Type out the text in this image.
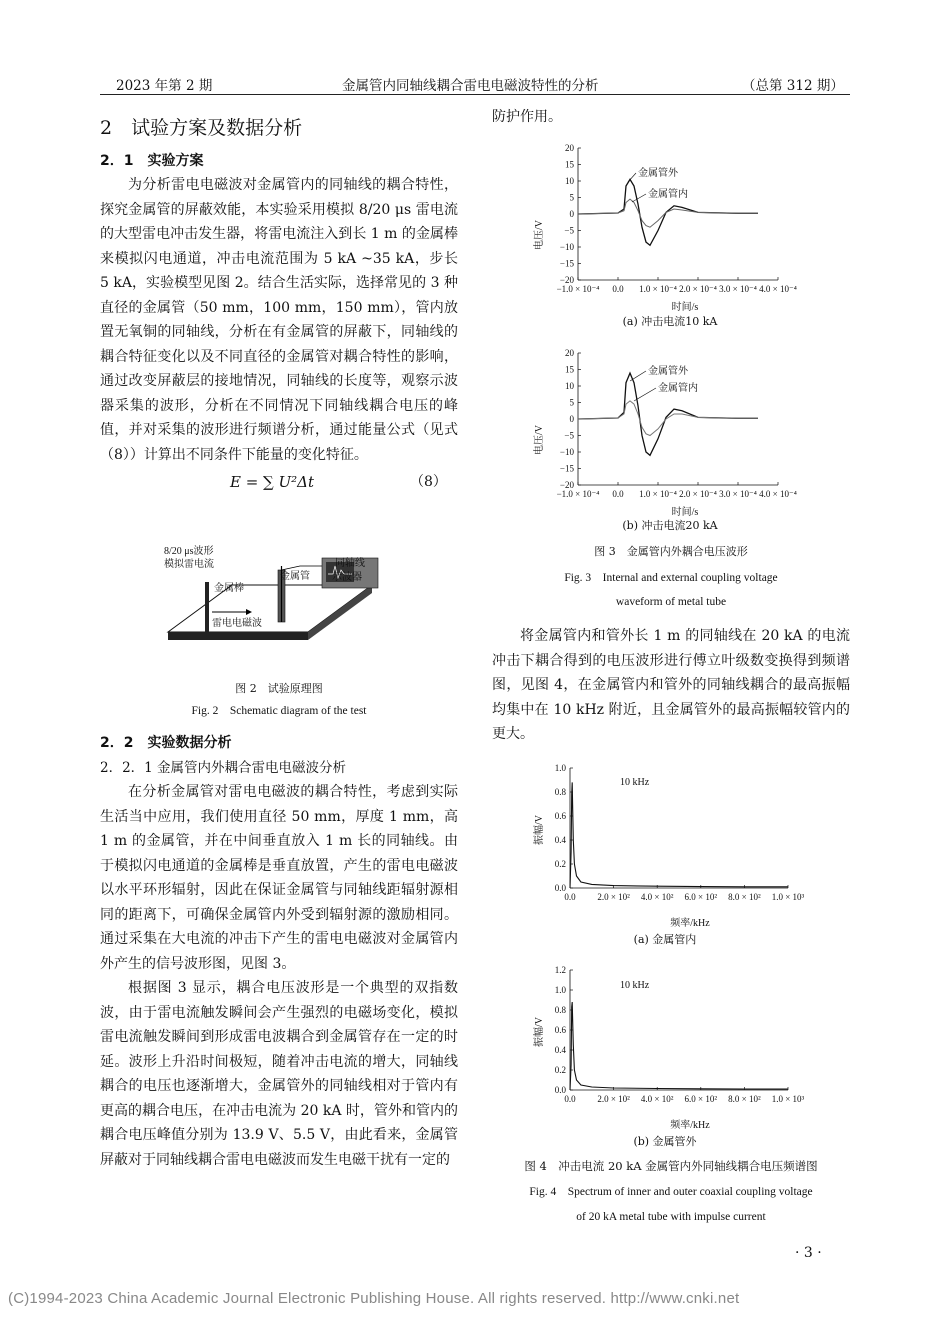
2023 年第 2 期	金属管内同轴线耦合雷电电磁波特性的分析	（总第 312 期）
2　试验方案及数据分析
2．1　实验方案

为分析雷电电磁波对金属管内的同轴线的耦合特性，探究金属管的屏蔽效能，本实验采用模拟 8/20 μs 雷电流的大型雷电冲击发生器，将雷电流注入到长 1 m 的金属棒来模拟闪电通道，冲击电流范围为 5 kA ~35 kA，步长 5 kA，实验模型见图 2。结合生活实际，选择常见的 3 种直径的金属管（50 mm，100 mm，150 mm），管内放置无氧铜的同轴线，分析在有金属管的屏蔽下，同轴线的耦合特征变化以及不同直径的金属管对耦合特性的影响，通过改变屏蔽层的接地情况，同轴线的长度等，观察示波器采集的波形，分析在不同情况下同轴线耦合电压的峰值，并对采集的波形进行频谱分析，通过能量公式（见式（8））计算出不同条件下能量的变化特征。

E = ∑ U²Δt	（8）
8/20 μs波形
模拟雷电流
金属棒
金属管
同轴线
示波器
雷电电磁波
图 2　试验原理图
Fig. 2　Schematic diagram of the test
2．2　实验数据分析
2．2．1 金属管内外耦合雷电电磁波分析

在分析金属管对雷电电磁波的耦合特性，考虑到实际生活当中应用，我们使用直径 50 mm，厚度 1 mm，高 1 m 的金属管，并在中间垂直放入 1 m 长的同轴线。由于模拟闪电通道的金属棒是垂直放置，产生的雷电电磁波以水平环形辐射，因此在保证金属管与同轴线距辐射源相同的距离下，可确保金属管内外受到辐射源的激励相同。通过采集在大电流的冲击下产生的雷电电磁波对金属管内外产生的信号波形图，见图 3。

根据图 3 显示，耦合电压波形是一个典型的双指数波，由于雷电流触发瞬间会产生强烈的电磁场变化，模拟雷电流触发瞬间到形成雷电波耦合到金属管存在一定的时延。波形上升沿时间极短，随着冲击电流的增大，同轴线耦合的电压也逐渐增大，金属管外的同轴线相对于管内有更高的耦合电压，在冲击电流为 20 kA 时，管外和管内的耦合电压峰值分别为 13.9 V、5.5 V，由此看来，金属管屏蔽对于同轴线耦合雷电电磁波而发生电磁干扰有一定的

防护作用。
电压/V
时间/s
金属管外
金属管内
20
15
10
5
0
−5
−10
−15
−20
−1.0 × 10⁻⁴ 0.0 1.0 × 10⁻⁴ 2.0 × 10⁻⁴ 3.0 × 10⁻⁴ 4.0 × 10⁻⁴
(a) 冲击电流10 kA
电压/V
时间/s
金属管外
金属管内
20
15
10
5
0
−5
−10
−15
−20
−1.0 × 10⁻⁴ 0.0 1.0 × 10⁻⁴ 2.0 × 10⁻⁴ 3.0 × 10⁻⁴ 4.0 × 10⁻⁴
(b) 冲击电流20 kA
图 3　金属管内外耦合电压波形
Fig. 3　Internal and external coupling voltage
waveform of metal tube

将金属管内和管外长 1 m 的同轴线在 20 kA 的电流冲击下耦合得到的电压波形进行傅立叶级数变换得到频谱图，见图 4，在金属管内和管外的同轴线耦合的最高振幅均集中在 10 kHz 附近，且金属管外的最高振幅较管内的更大。

振幅/V
频率/kHz
10 kHz
1.0
0.8
0.6
0.4
0.2
0.0
0.0 2.0 × 10² 4.0 × 10² 6.0 × 10² 8.0 × 10² 1.0 × 10³
(a) 金属管内
振幅/V
频率/kHz
10 kHz
1.2
1.0
0.8
0.6
0.4
0.2
0.0
0.0 2.0 × 10² 4.0 × 10² 6.0 × 10² 8.0 × 10² 1.0 × 10³
(b) 金属管外
图 4　冲击电流 20 kA 金属管内外同轴线耦合电压频谱图
Fig. 4　Spectrum of inner and outer coaxial coupling voltage
of 20 kA metal tube with impulse current
· 3 ·
(C)1994-2023 China Academic Journal Electronic Publishing House. All rights reserved. http://www.cnki.net
